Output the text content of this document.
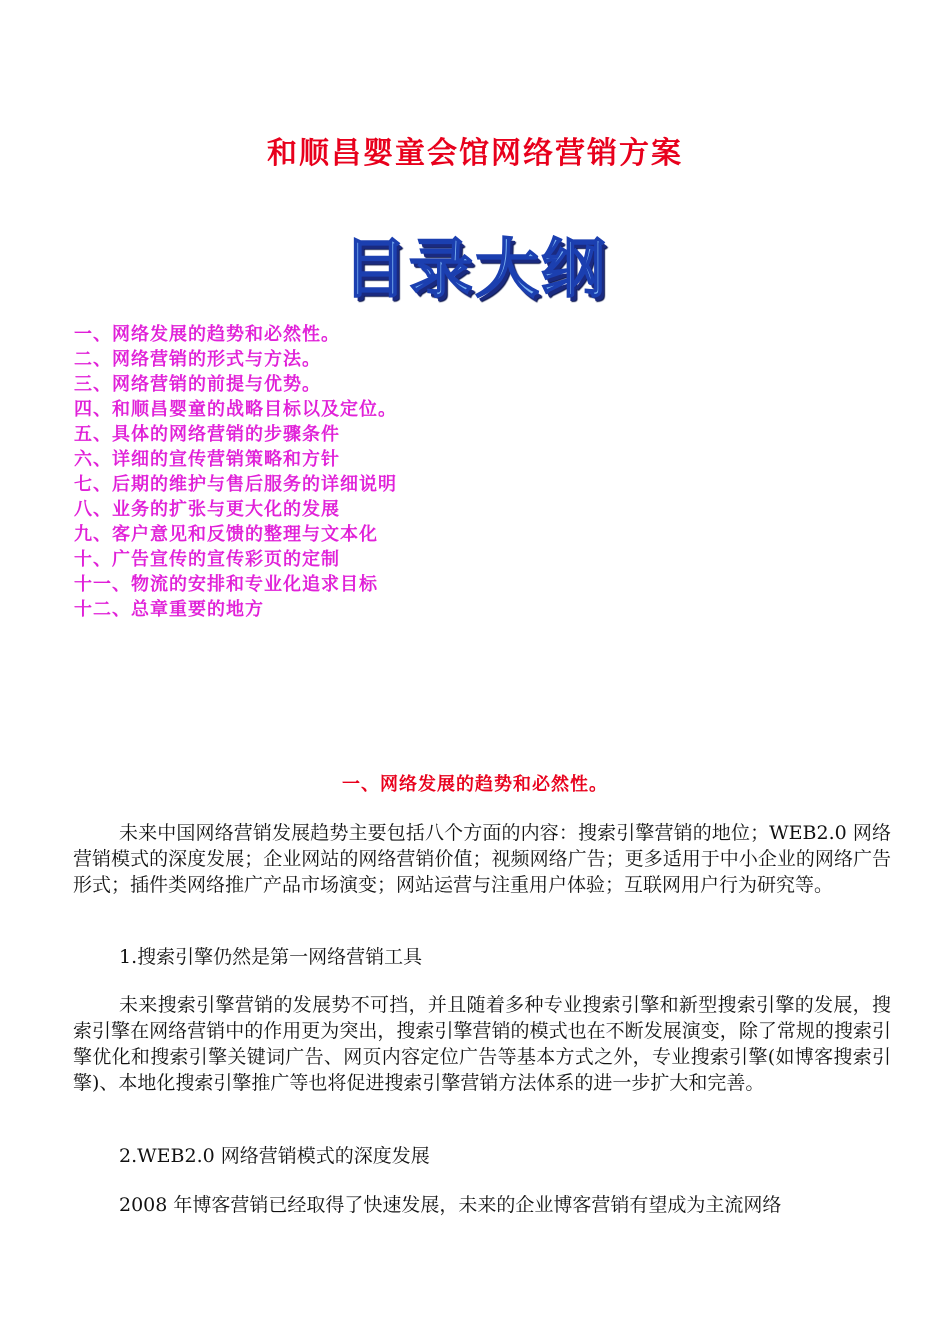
和顺昌婴童会馆网络营销方案
目录大纲
一、网络发展的趋势和必然性。
二、网络营销的形式与方法。
三、网络营销的前提与优势。
四、和顺昌婴童的战略目标以及定位。
五、具体的网络营销的步骤条件
六、详细的宣传营销策略和方针
七、后期的维护与售后服务的详细说明
八、业务的扩张与更大化的发展
九、客户意见和反馈的整理与文本化
十、广告宣传的宣传彩页的定制
十一、物流的安排和专业化追求目标
十二、总章重要的地方
一、网络发展的趋势和必然性。

未来中国网络营销发展趋势主要包括八个方面的内容：搜索引擎营销的地位；WEB2.0 网络营销模式的深度发展；企业网站的网络营销价值；视频网络广告；更多适用于中小企业的网络广告形式；插件类网络推广产品市场演变；网站运营与注重用户体验；互联网用户行为研究等。

1.搜索引擎仍然是第一网络营销工具

未来搜索引擎营销的发展势不可挡，并且随着多种专业搜索引擎和新型搜索引擎的发展，搜索引擎在网络营销中的作用更为突出，搜索引擎营销的模式也在不断发展演变，除了常规的搜索引擎优化和搜索引擎关键词广告、网页内容定位广告等基本方式之外，专业搜索引擎(如博客搜索引擎)、本地化搜索引擎推广等也将促进搜索引擎营销方法体系的进一步扩大和完善。

2.WEB2.0 网络营销模式的深度发展

2008 年博客营销已经取得了快速发展，未来的企业博客营销有望成为主流网络
